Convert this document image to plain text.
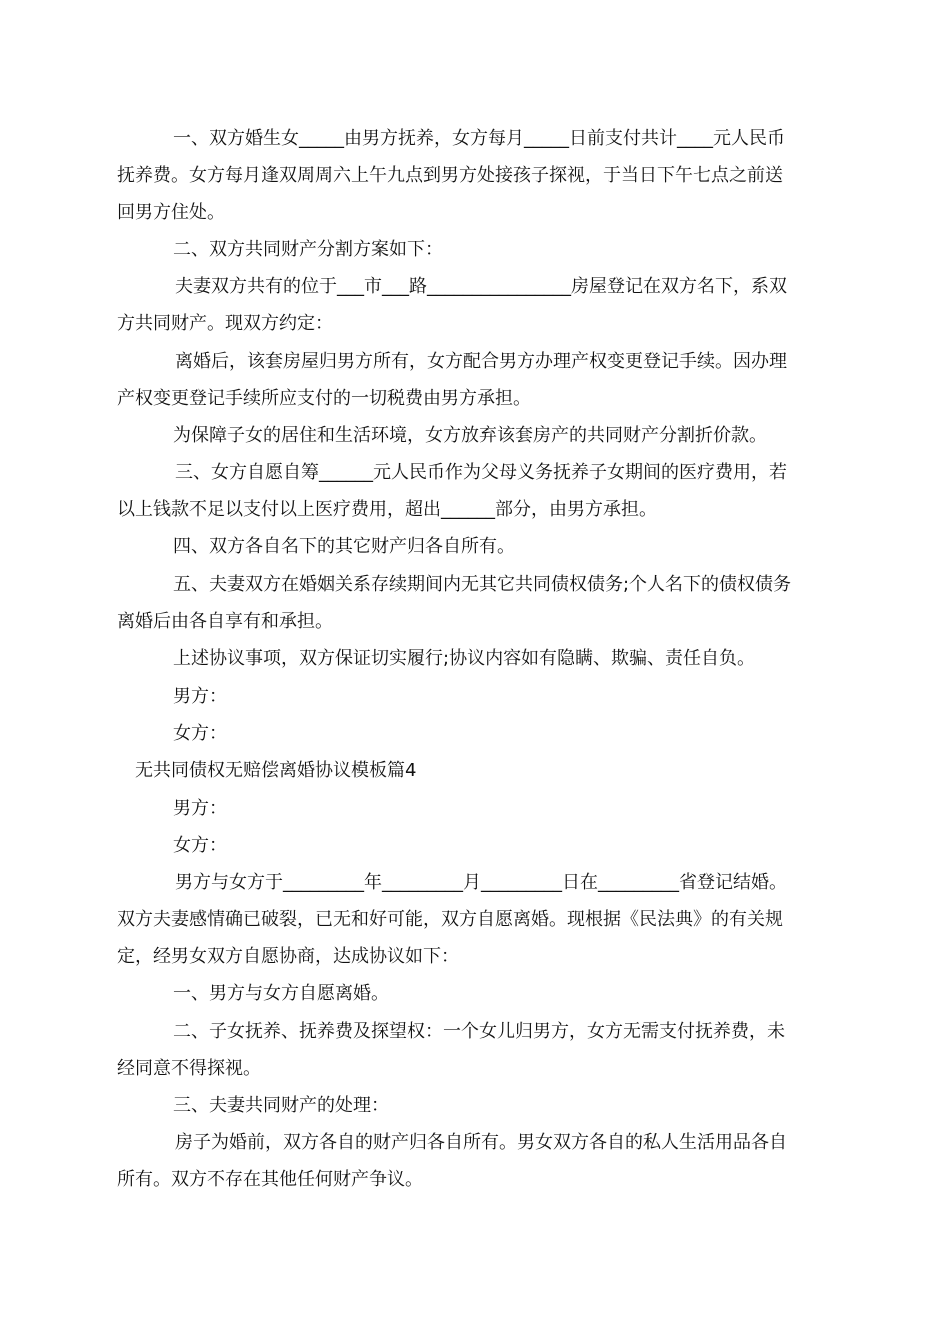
一、双方婚生女_____由男方抚养，女方每月_____日前支付共计____元人民币
抚养费。女方每月逢双周周六上午九点到男方处接孩子探视，于当日下午七点之前送
回男方住处。
二、双方共同财产分割方案如下：
夫妻双方共有的位于___市___路________________房屋登记在双方名下，系双
方共同财产。现双方约定：
离婚后，该套房屋归男方所有，女方配合男方办理产权变更登记手续。因办理
产权变更登记手续所应支付的一切税费由男方承担。
为保障子女的居住和生活环境，女方放弃该套房产的共同财产分割折价款。
三、女方自愿自筹______元人民币作为父母义务抚养子女期间的医疗费用，若
以上钱款不足以支付以上医疗费用，超出______部分，由男方承担。
四、双方各自名下的其它财产归各自所有。
五、夫妻双方在婚姻关系存续期间内无其它共同债权债务;个人名下的债权债务
离婚后由各自享有和承担。
上述协议事项，双方保证切实履行;协议内容如有隐瞒、欺骗、责任自负。
男方：
女方：
无共同债权无赔偿离婚协议模板篇4
男方：
女方：
男方与女方于_________年_________月_________日在_________省登记结婚。
双方夫妻感情确已破裂，已无和好可能，双方自愿离婚。现根据《民法典》的有关规
定，经男女双方自愿协商，达成协议如下：
一、男方与女方自愿离婚。
二、子女抚养、抚养费及探望权：一个女儿归男方，女方无需支付抚养费，未
经同意不得探视。
三、夫妻共同财产的处理：
房子为婚前，双方各自的财产归各自所有。男女双方各自的私人生活用品各自
所有。双方不存在其他任何财产争议。
